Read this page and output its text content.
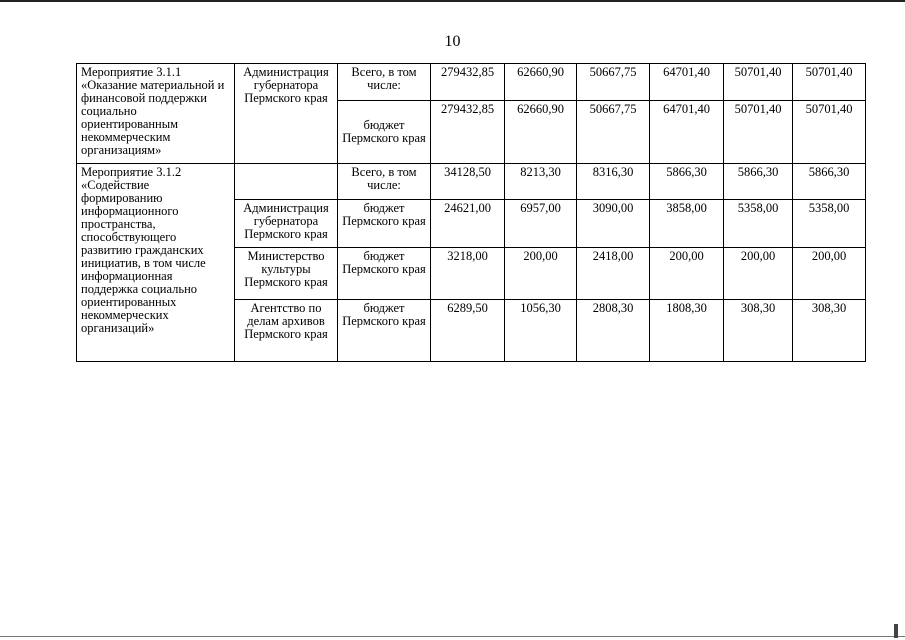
10
Мероприятие 3.1.1 «Оказание материальной и финансовой поддержки социально ориентированным некоммерческим организациям»	Администрация губернатора Пермского края	Всего, в том числе:	279432,85	62660,90	50667,75	64701,40	50701,40	50701,40
		бюджет Пермского края	279432,85	62660,90	50667,75	64701,40	50701,40	50701,40
Мероприятие 3.1.2 «Содействие формированию информационного пространства, способствующего развитию гражданских инициатив, в том числе информационная поддержка социально ориентированных некоммерческих организаций»		Всего, в том числе:	34128,50	8213,30	8316,30	5866,30	5866,30	5866,30
	Администрация губернатора Пермского края	бюджет Пермского края	24621,00	6957,00	3090,00	3858,00	5358,00	5358,00
	Министерство культуры Пермского края	бюджет Пермского края	3218,00	200,00	2418,00	200,00	200,00	200,00
	Агентство по делам архивов Пермского края	бюджет Пермского края	6289,50	1056,30	2808,30	1808,30	308,30	308,30
